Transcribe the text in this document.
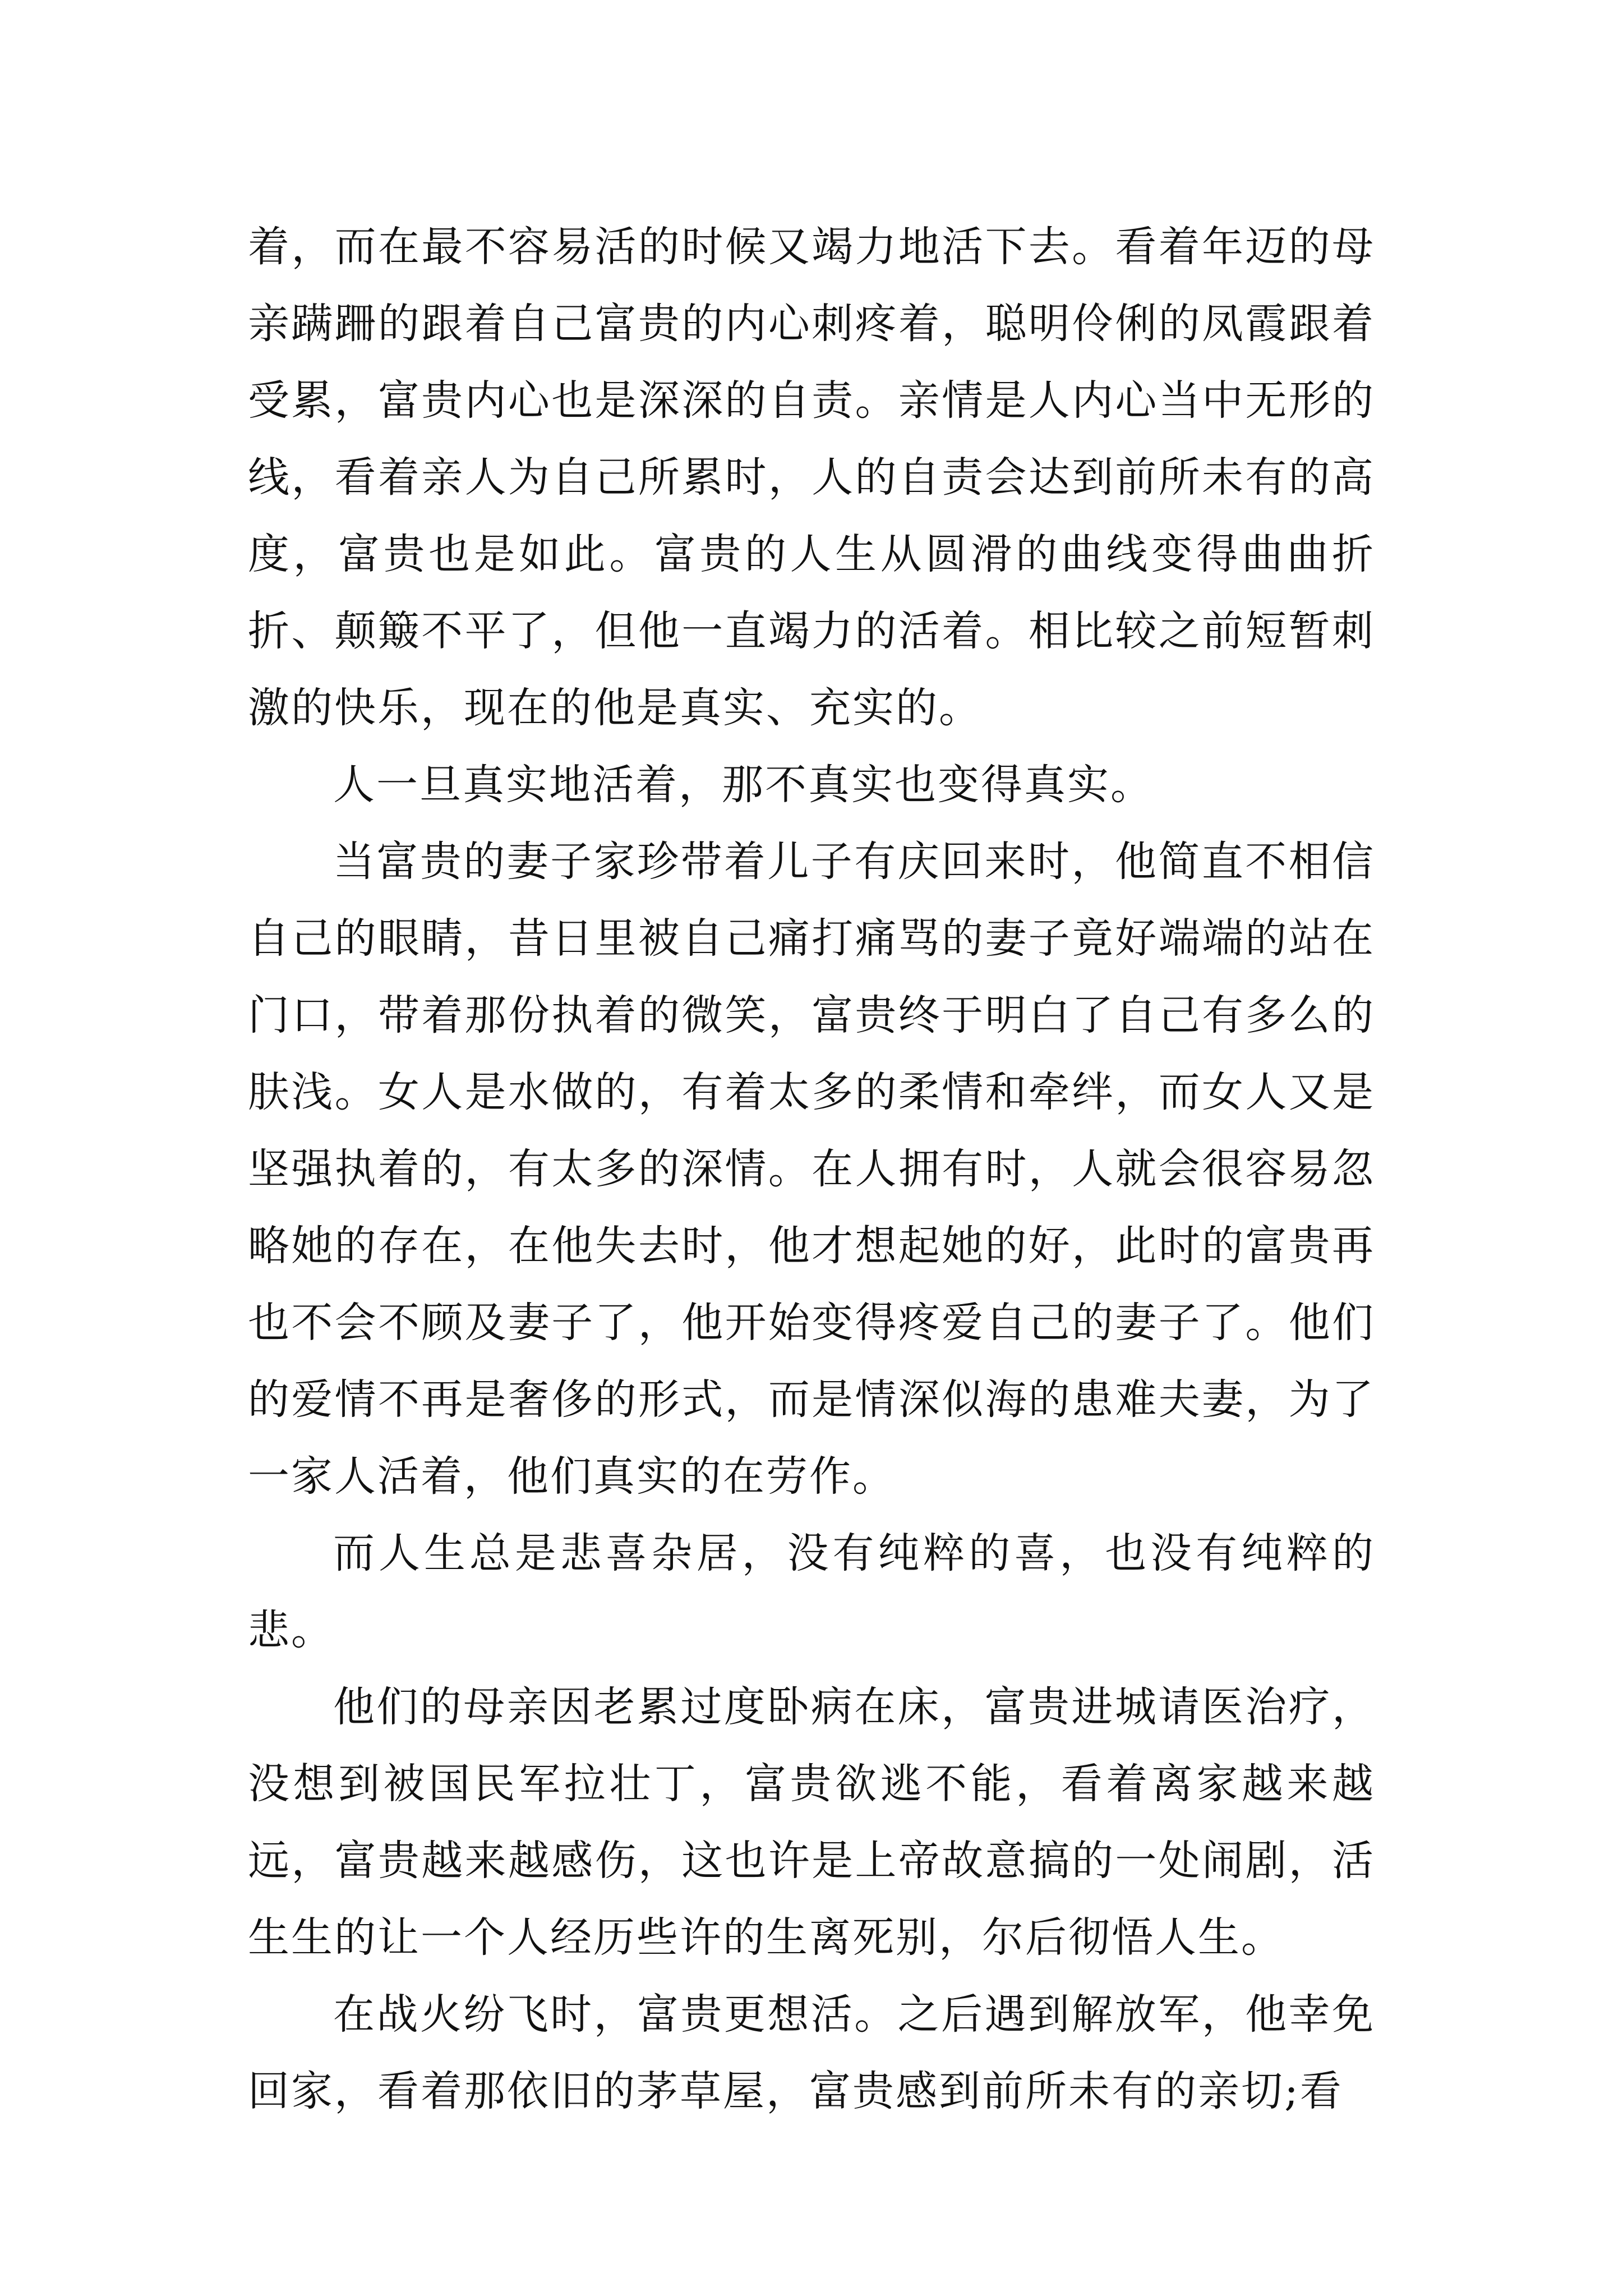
着，而在最不容易活的时候又竭力地活下去。看着年迈的母亲蹒跚的跟着自己富贵的内心刺疼着，聪明伶俐的凤霞跟着受累，富贵内心也是深深的自责。亲情是人内心当中无形的线，看着亲人为自己所累时，人的自责会达到前所未有的高度，富贵也是如此。富贵的人生从圆滑的曲线变得曲曲折折、颠簸不平了，但他一直竭力的活着。相比较之前短暂刺激的快乐，现在的他是真实、充实的。

人一旦真实地活着，那不真实也变得真实。

当富贵的妻子家珍带着儿子有庆回来时，他简直不相信自己的眼睛，昔日里被自己痛打痛骂的妻子竟好端端的站在门口，带着那份执着的微笑，富贵终于明白了自己有多么的肤浅。女人是水做的，有着太多的柔情和牵绊，而女人又是坚强执着的，有太多的深情。在人拥有时，人就会很容易忽略她的存在，在他失去时，他才想起她的好，此时的富贵再也不会不顾及妻子了，他开始变得疼爱自己的妻子了。他们的爱情不再是奢侈的形式，而是情深似海的患难夫妻，为了一家人活着，他们真实的在劳作。

而人生总是悲喜杂居，没有纯粹的喜，也没有纯粹的悲。

他们的母亲因老累过度卧病在床，富贵进城请医治疗，没想到被国民军拉壮丁，富贵欲逃不能，看着离家越来越远，富贵越来越感伤，这也许是上帝故意搞的一处闹剧，活生生的让一个人经历些许的生离死别，尔后彻悟人生。

在战火纷飞时，富贵更想活。之后遇到解放军，他幸免回家，看着那依旧的茅草屋，富贵感到前所未有的亲切;看
